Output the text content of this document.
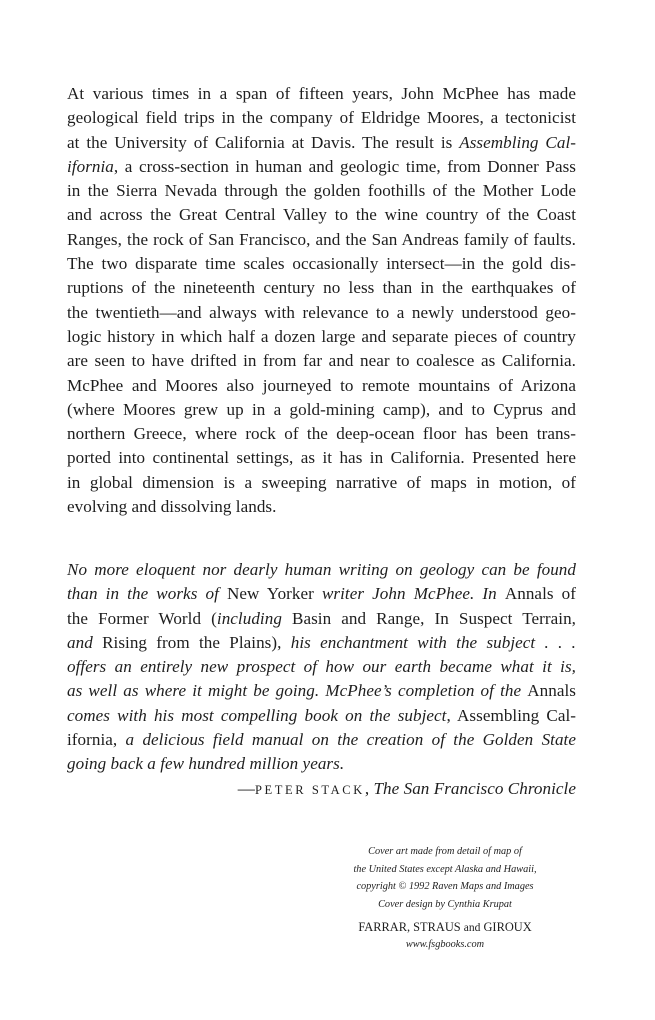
At various times in a span of fifteen years, John McPhee has made
geological field trips in the company of Eldridge Moores, a tectonicist
at the University of California at Davis. The result is Assembling Cal-
ifornia, a cross-section in human and geologic time, from Donner Pass
in the Sierra Nevada through the golden foothills of the Mother Lode
and across the Great Central Valley to the wine country of the Coast
Ranges, the rock of San Francisco, and the San Andreas family of faults.
The two disparate time scales occasionally intersect—in the gold dis-
ruptions of the nineteenth century no less than in the earthquakes of
the twentieth—and always with relevance to a newly understood geo-
logic history in which half a dozen large and separate pieces of country
are seen to have drifted in from far and near to coalesce as California.
McPhee and Moores also journeyed to remote mountains of Arizona
(where Moores grew up in a gold-mining camp), and to Cyprus and
northern Greece, where rock of the deep-ocean floor has been trans-
ported into continental settings, as it has in California. Presented here
in global dimension is a sweeping narrative of maps in motion, of
evolving and dissolving lands.
No more eloquent nor dearly human writing on geology can be found
than in the works of New Yorker writer John McPhee. In Annals of
the Former World (including Basin and Range, In Suspect Terrain,
and Rising from the Plains), his enchantment with the subject . . .
offers an entirely new prospect of how our earth became what it is,
as well as where it might be going. McPhee’s completion of the Annals
comes with his most compelling book on the subject, Assembling Cal-
ifornia, a delicious field manual on the creation of the Golden State
going back a few hundred million years.
—PETER STACK, The San Francisco Chronicle
Cover art made from detail of map of
the United States except Alaska and Hawaii,
copyright © 1992 Raven Maps and Images
Cover design by Cynthia Krupat
FARRAR, STRAUS and GIROUX
www.fsgbooks.com
